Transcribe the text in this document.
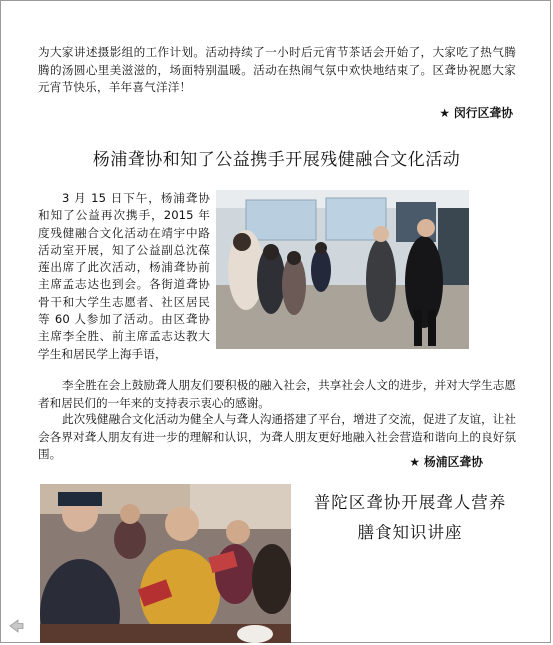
为大家讲述摄影组的工作计划。活动持续了一小时后元宵节茶话会开始了，大家吃了热气腾腾的汤圆心里美滋滋的，场面特别温暖。活动在热闹气氛中欢快地结束了。区聋协祝愿大家元宵节快乐，羊年喜气洋洋！
★ 闵行区聋协
杨浦聋协和知了公益携手开展残健融合文化活动
3 月 15 日下午，杨浦聋协和知了公益再次携手，2015 年度残健融合文化活动在靖宇中路活动室开展，知了公益副总沈葆莲出席了此次活动，杨浦聋协前主席孟志达也到会。各街道聋协骨干和大学生志愿者、社区居民等 60 人参加了活动。由区聋协主席李全胜、前主席孟志达教大学生和居民学上海手语，
李全胜在会上鼓励聋人朋友们要积极的融入社会，共享社会人文的进步，并对大学生志愿者和居民们的一年来的支持表示衷心的感谢。
此次残健融合文化活动为健全人与聋人沟通搭建了平台，增进了交流，促进了友谊，让社会各界对聋人朋友有进一步的理解和认识，为聋人朋友更好地融入社会营造和谐向上的良好氛围。
★ 杨浦区聋协
普陀区聋协开展聋人营养
膳食知识讲座
